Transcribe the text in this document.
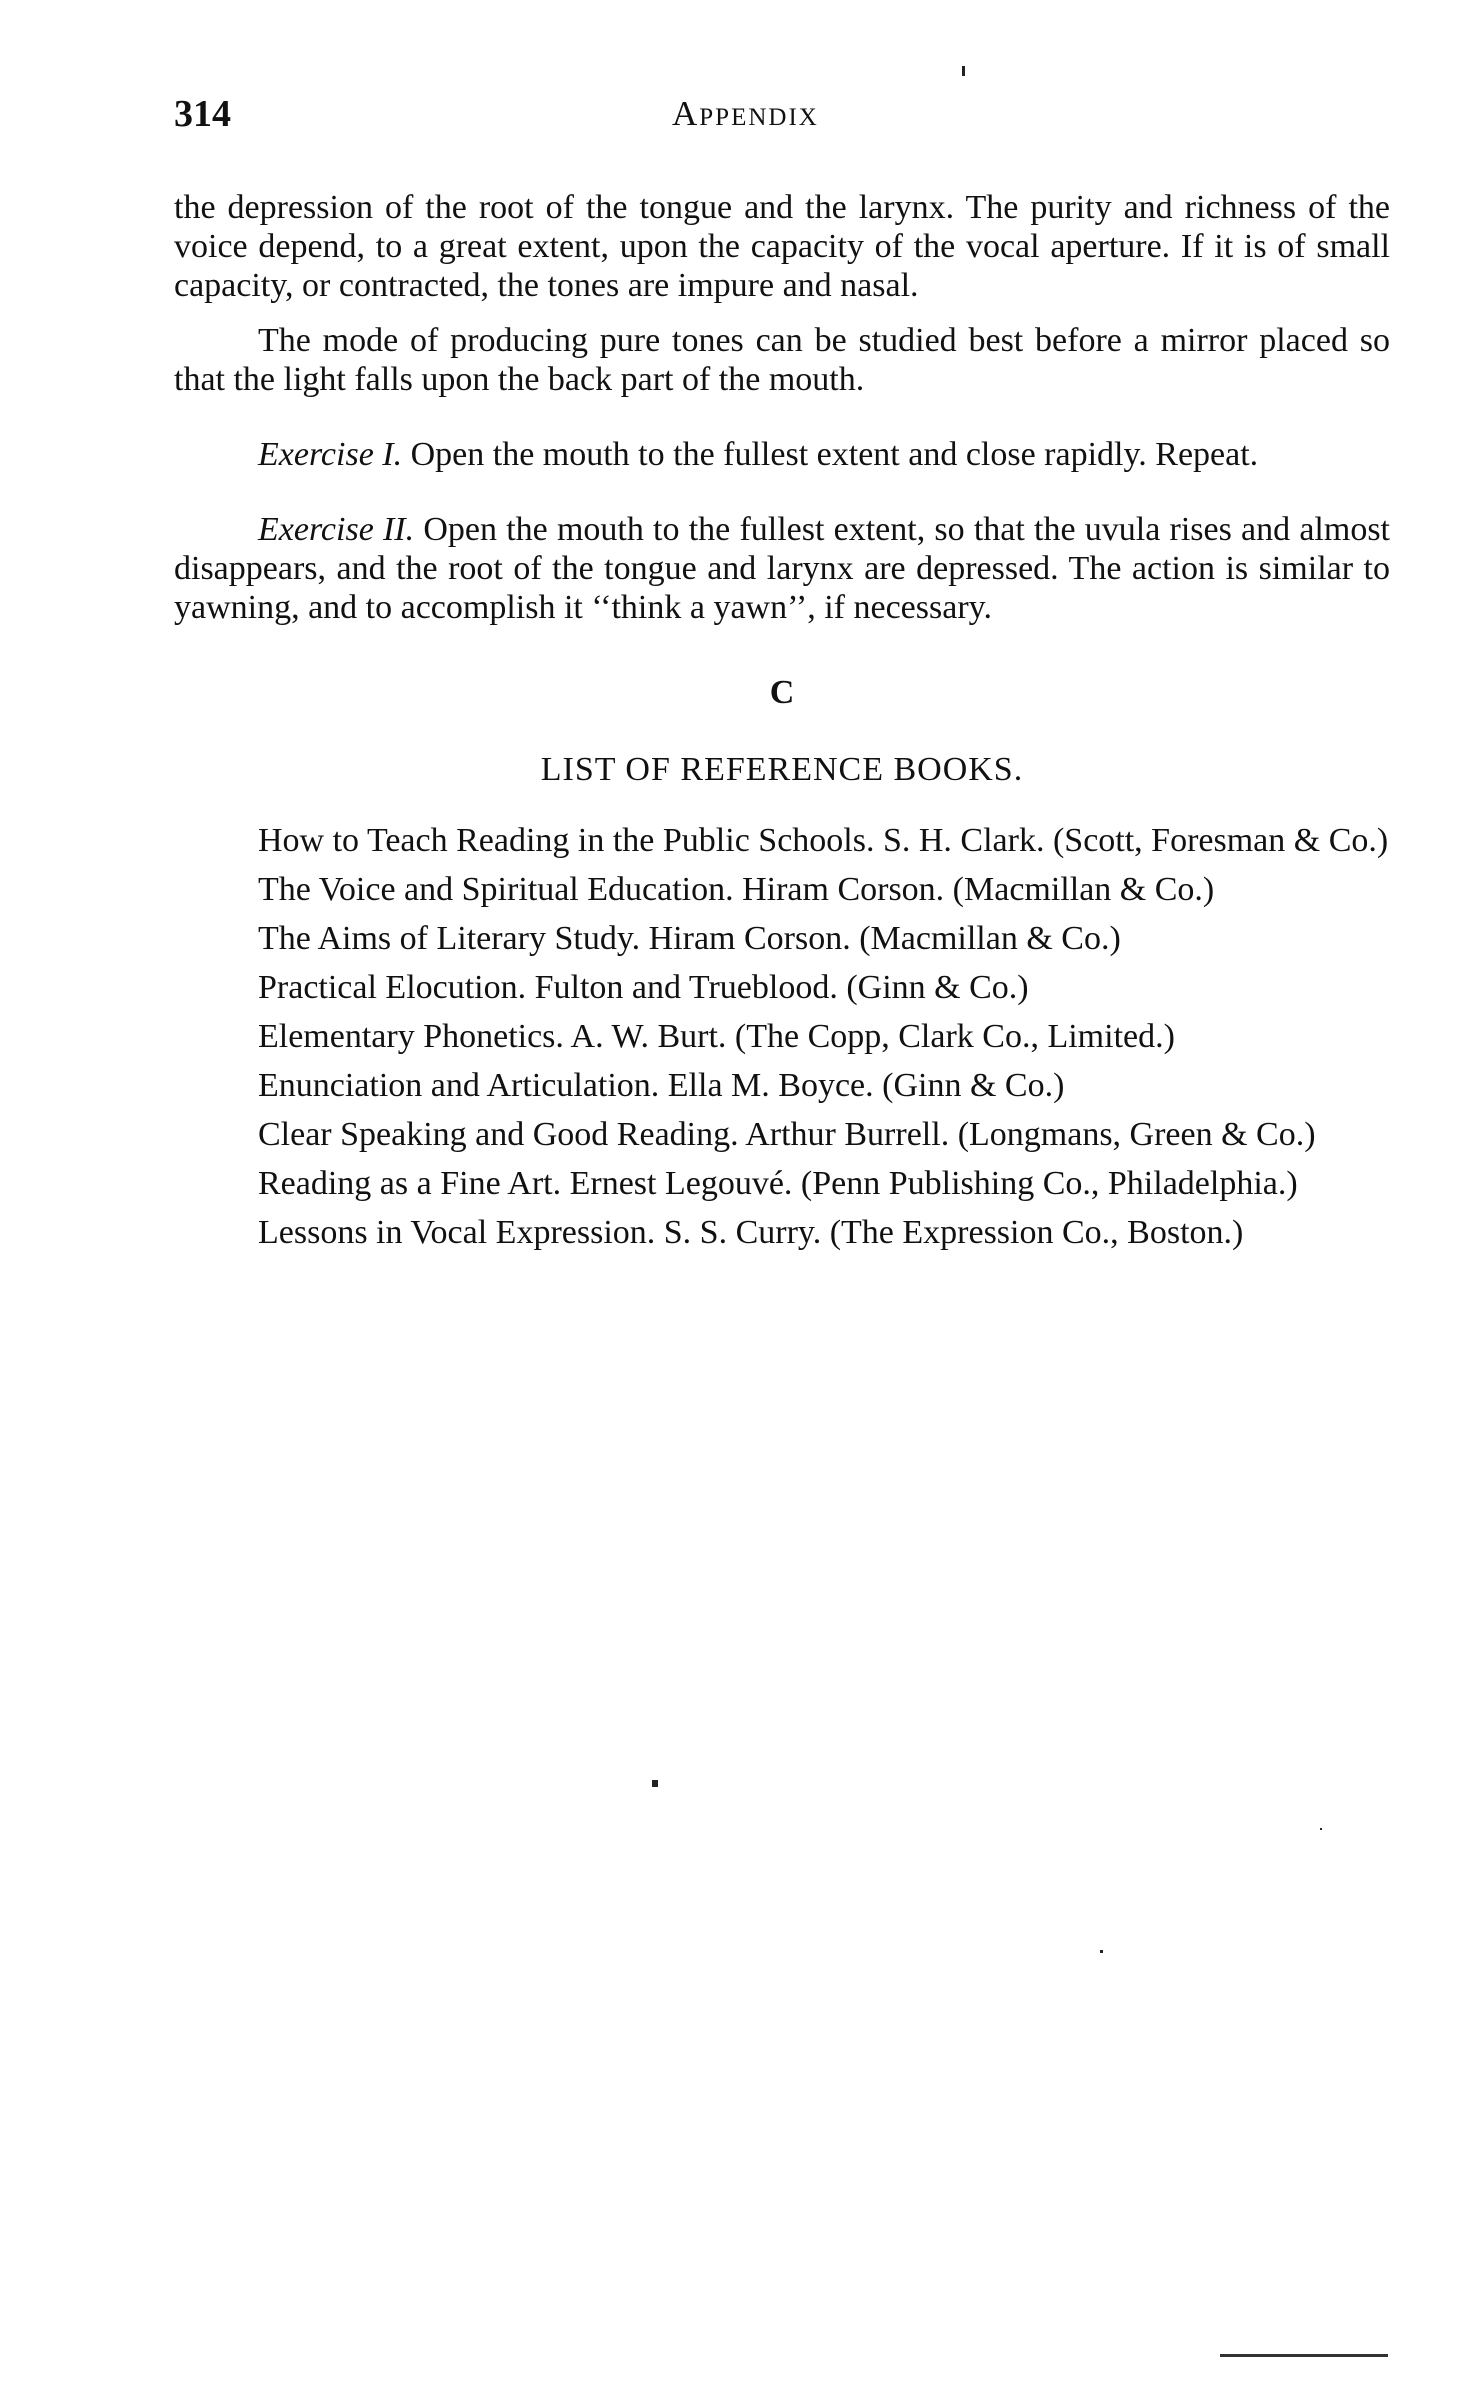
314	Appendix

the depression of the root of the tongue and the larynx. The purity and richness of the voice depend, to a great extent, upon the capacity of the vocal aperture. If it is of small capacity, or contracted, the tones are impure and nasal.

The mode of producing pure tones can be studied best before a mirror placed so that the light falls upon the back part of the mouth.

Exercise I. Open the mouth to the fullest extent and close rapidly. Repeat.

Exercise II. Open the mouth to the fullest extent, so that the uvula rises and almost disappears, and the root of the tongue and larynx are depressed. The action is similar to yawning, and to accomplish it ‘‘think a yawn’’, if necessary.

C
LIST OF REFERENCE BOOKS.
How to Teach Reading in the Public Schools. S. H. Clark. (Scott, Foresman & Co.)
The Voice and Spiritual Education. Hiram Corson. (Macmillan & Co.)
The Aims of Literary Study. Hiram Corson. (Macmillan & Co.)
Practical Elocution. Fulton and Trueblood. (Ginn & Co.)
Elementary Phonetics. A. W. Burt. (The Copp, Clark Co., Limited.)
Enunciation and Articulation. Ella M. Boyce. (Ginn & Co.)
Clear Speaking and Good Reading. Arthur Burrell. (Longmans, Green & Co.)
Reading as a Fine Art. Ernest Legouvé. (Penn Publishing Co., Philadelphia.)
Lessons in Vocal Expression. S. S. Curry. (The Expression Co., Boston.)
